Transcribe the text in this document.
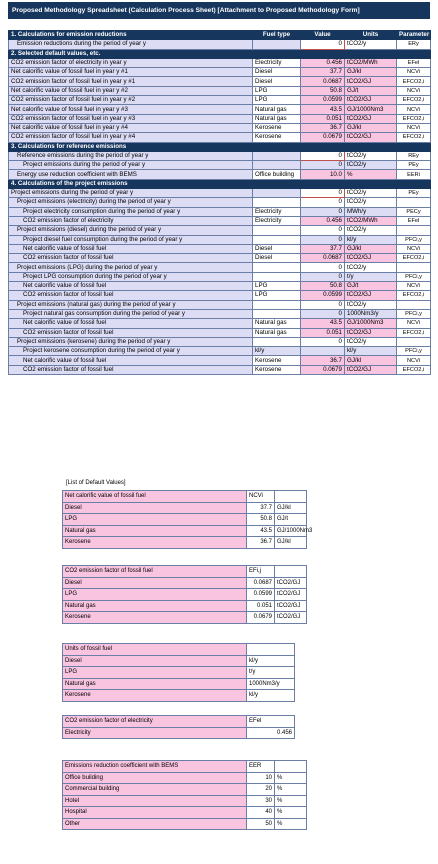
Proposed Methodology Spreadsheet (Calculation Process Sheet) [Attachment to Proposed Methodology Form]
1. Calculations for emission reductions	Fuel type	Value	Units	Parameter
Emission reductions during the period of year y		0	tCO2/y	ERy
2. Selected default values, etc.				
CO2 emission factor of electricity in year y	Electricity	0.456	tCO2/MWh	EFel
Net calorific value of fossil fuel in year y #1	Diesel	37.7	GJ/kl	NCVi
CO2 emission factor of fossil fuel in year y #1	Diesel	0.0687	tCO2/GJ	EFCO2,i
Net calorific value of fossil fuel in year y #2	LPG	50.8	GJ/t	NCVi
CO2 emission factor of fossil fuel in year y #2	LPG	0.0599	tCO2/GJ	EFCO2,i
Net calorific value of fossil fuel in year y #3	Natural gas	43.5	GJ/1000Nm3	NCVi
CO2 emission factor of fossil fuel in year y #3	Natural gas	0.051	tCO2/GJ	EFCO2,i
Net calorific value of fossil fuel in year y #4	Kerosene	36.7	GJ/kl	NCVi
CO2 emission factor of fossil fuel in year y #4	Kerosene	0.0679	tCO2/GJ	EFCO2,i
3. Calculations for reference emissions				
Reference emissions during the period of year y		0	tCO2/y	REy
Project emissions during the period of year y		0	tCO2/y	PEy
Energy use reduction coefficient with BEMS	Office building	10.0	%	EERi
4. Calculations of the project emissions				
Project emissions during the period of year y		0	tCO2/y	PEy
Project emissions (electricity) during the period of year y		0	tCO2/y	
Project electricity consumption during the period of year y	Electricity	0	MWh/y	PECy
CO2 emission factor of electricity	Electricity	0.456	tCO2/MWh	EFel
Project emissions (diesel) during the period of year y		0	tCO2/y	
Project diesel fuel consumption during the period of year y		0	kl/y	PFCi,y
Net calorific value of fossil fuel	Diesel	37.7	GJ/kl	NCVi
CO2 emission factor of fossil fuel	Diesel	0.0687	tCO2/GJ	EFCO2,i
Project emissions (LPG) during the period of year y		0	tCO2/y	
Project LPG consumption during the period of year y		0	t/y	PFCi,y
Net calorific value of fossil fuel	LPG	50.8	GJ/t	NCVi
CO2 emission factor of fossil fuel	LPG	0.0599	tCO2/GJ	EFCO2,i
Project emissions (natural gas) during the period of year y		0	tCO2/y	
Project natural gas consumption during the period of year y		0	1000Nm3/y	PFCi,y
Net calorific value of fossil fuel	Natural gas	43.5	GJ/1000Nm3	NCVi
CO2 emission factor of fossil fuel	Natural gas	0.051	tCO2/GJ	EFCO2,i
Project emissions (kerosene) during the period of year y		0	tCO2/y	
Project kerosene consumption during the period of year y	kl/y		kl/y	PFCi,y
Net calorific value of fossil fuel	Kerosene	36.7	GJ/kl	NCVi
CO2 emission factor of fossil fuel	Kerosene	0.0679	tCO2/GJ	EFCO2,i
[List of Default Values]
Net calorific value of fossil fuel	NCVi	
Diesel	37.7	GJ/kl
LPG	50.8	GJ/t
Natural gas	43.5	GJ/1000Nm3
Kerosene	36.7	GJ/kl
CO2 emission factor of fossil fuel	EFi,j	
Diesel	0.0687	tCO2/GJ
LPG	0.0599	tCO2/GJ
Natural gas	0.051	tCO2/GJ
Kerosene	0.0679	tCO2/GJ
Units of fossil fuel	
Diesel	kl/y
LPG	t/y
Natural gas	1000Nm3/y
Kerosene	kl/y
CO2 emission factor of electricity	EFel
Electricity	0.456
Emissions reduction coefficient with BEMS	EER	
Office building	10	%
Commercial building	20	%
Hotel	30	%
Hospital	40	%
Other	50	%
